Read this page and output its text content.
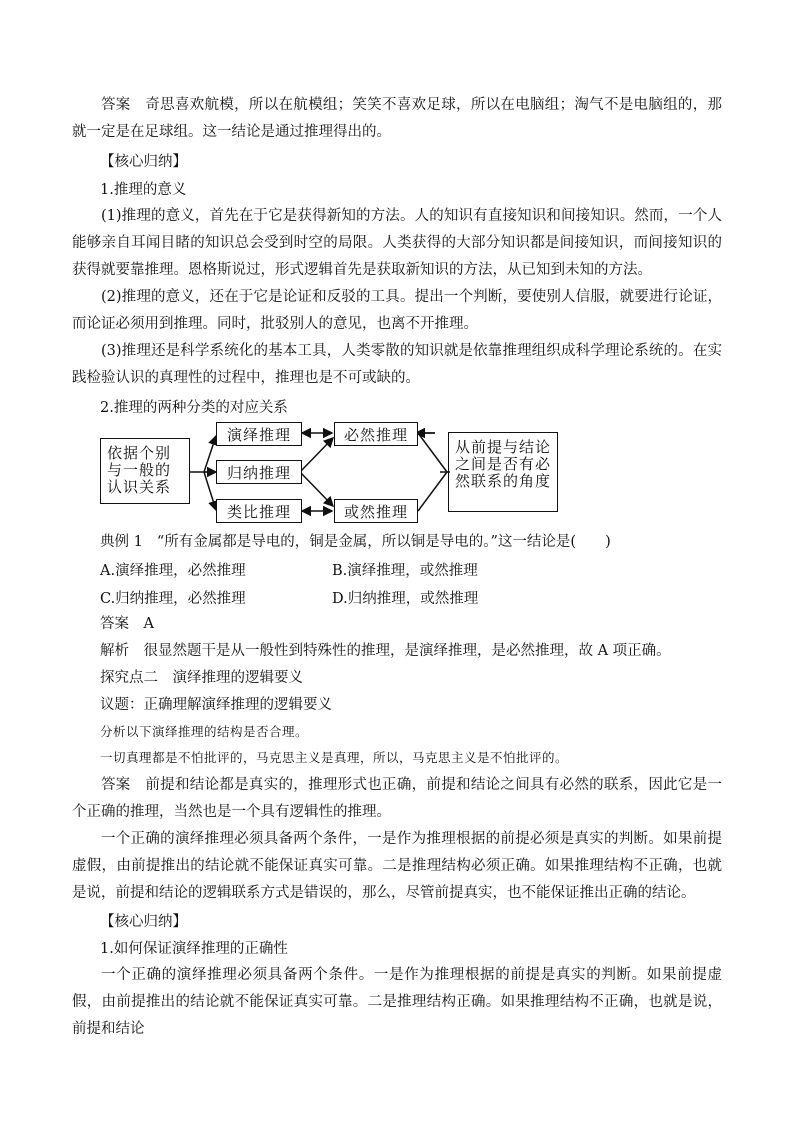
答案　奇思喜欢航模，所以在航模组；笑笑不喜欢足球，所以在电脑组；淘气不是电脑组的，那就一定是在足球组。这一结论是通过推理得出的。
【核心归纳】
1.推理的意义
(1)推理的意义，首先在于它是获得新知的方法。人的知识有直接知识和间接知识。然而，一个人能够亲自耳闻目睹的知识总会受到时空的局限。人类获得的大部分知识都是间接知识，而间接知识的获得就要靠推理。恩格斯说过，形式逻辑首先是获取新知识的方法，从已知到未知的方法。
(2)推理的意义，还在于它是论证和反驳的工具。提出一个判断，要使别人信服，就要进行论证，而论证必须用到推理。同时，批驳别人的意见，也离不开推理。
(3)推理还是科学系统化的基本工具，人类零散的知识就是依靠推理组织成科学理论系统的。在实践检验认识的真理性的过程中，推理也是不可或缺的。
2.推理的两种分类的对应关系
依据个别与一般的认识关系
演绎推理
归纳推理
类比推理
必然推理
或然推理
从前提与结论之间是否有必然联系的角度
典例 1 “所有金属都是导电的，铜是金属，所以铜是导电的。”这一结论是(　　)
A.演绎推理，必然推理	B.演绎推理，或然推理
C.归纳推理，必然推理	D.归纳推理，或然推理
答案　A
解析　很显然题干是从一般性到特殊性的推理，是演绎推理，是必然推理，故 A 项正确。
探究点二　演绎推理的逻辑要义
议题：正确理解演绎推理的逻辑要义
分析以下演绎推理的结构是否合理。
一切真理都是不怕批评的，马克思主义是真理，所以，马克思主义是不怕批评的。
答案　前提和结论都是真实的，推理形式也正确，前提和结论之间具有必然的联系，因此它是一个正确的推理，当然也是一个具有逻辑性的推理。
一个正确的演绎推理必须具备两个条件，一是作为推理根据的前提必须是真实的判断。如果前提虚假，由前提推出的结论就不能保证真实可靠。二是推理结构必须正确。如果推理结构不正确，也就是说，前提和结论的逻辑联系方式是错误的，那么，尽管前提真实，也不能保证推出正确的结论。
【核心归纳】
1.如何保证演绎推理的正确性
一个正确的演绎推理必须具备两个条件。一是作为推理根据的前提是真实的判断。如果前提虚假，由前提推出的结论就不能保证真实可靠。二是推理结构正确。如果推理结构不正确，也就是说，前提和结论
